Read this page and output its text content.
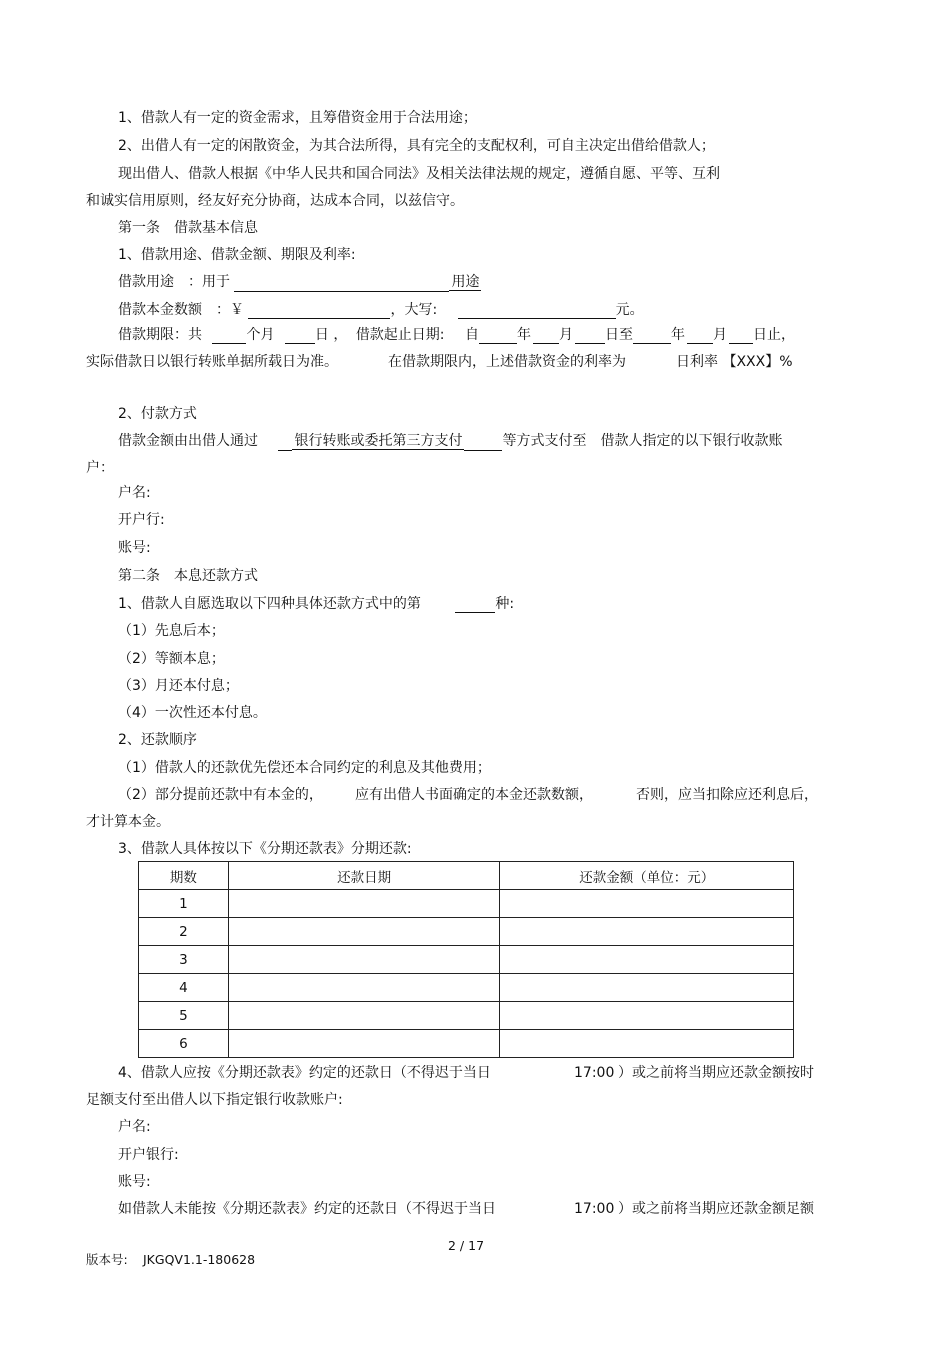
1、借款人有一定的资金需求，且筹借资金用于合法用途；
2、出借人有一定的闲散资金，为其合法所得，具有完全的支配权利，可自主决定出借给借款人；
现出借人、借款人根据《中华人民共和国合同法》及相关法律法规的规定，遵循自愿、平等、互利
和诚实信用原则，经友好充分协商，达成本合同，以兹信守。
第一条　借款基本信息
1、借款用途、借款金额、期限及利率:
借款用途　：用于	用途
借款本金数额　：￥	，大写:	元。
借款期限：共	个月	日 ， 借款起止日期: 自	年 月 日至	年 月 日止，
实际借款日以银行转账单据所载日为准。	在借款期限内，上述借款资金的利率为	日利率 【XXX】%
2、付款方式
借款金额由出借人通过	银行转账或委托第三方支付	等方式支付至　借款人指定的以下银行收款账
户：
户名:
开户行:
账号:
第二条　本息还款方式
1、借款人自愿选取以下四种具体还款方式中的第	种:
（1）先息后本；
（2）等额本息；
（3）月还本付息；
（4）一次性还本付息。
2、还款顺序
（1）借款人的还款优先偿还本合同约定的利息及其他费用；
（2）部分提前还款中有本金的， 应有出借人书面确定的本金还款数额，	否则，应当扣除应还利息后，
才计算本金。
3、借款人具体按以下《分期还款表》分期还款:
期数	还款日期	还款金额（单位：元）
1		
2		
3		
4		
5		
6		
4、借款人应按《分期还款表》约定的还款日（不得迟于当日	17:00 ）或之前将当期应还款金额按时
足额支付至出借人以下指定银行收款账户:
户名:
开户银行:
账号:
如借款人未能按《分期还款表》约定的还款日（不得迟于当日	17:00 ）或之前将当期应还款金额足额
2 / 17
版本号: JKGQV1.1-180628
